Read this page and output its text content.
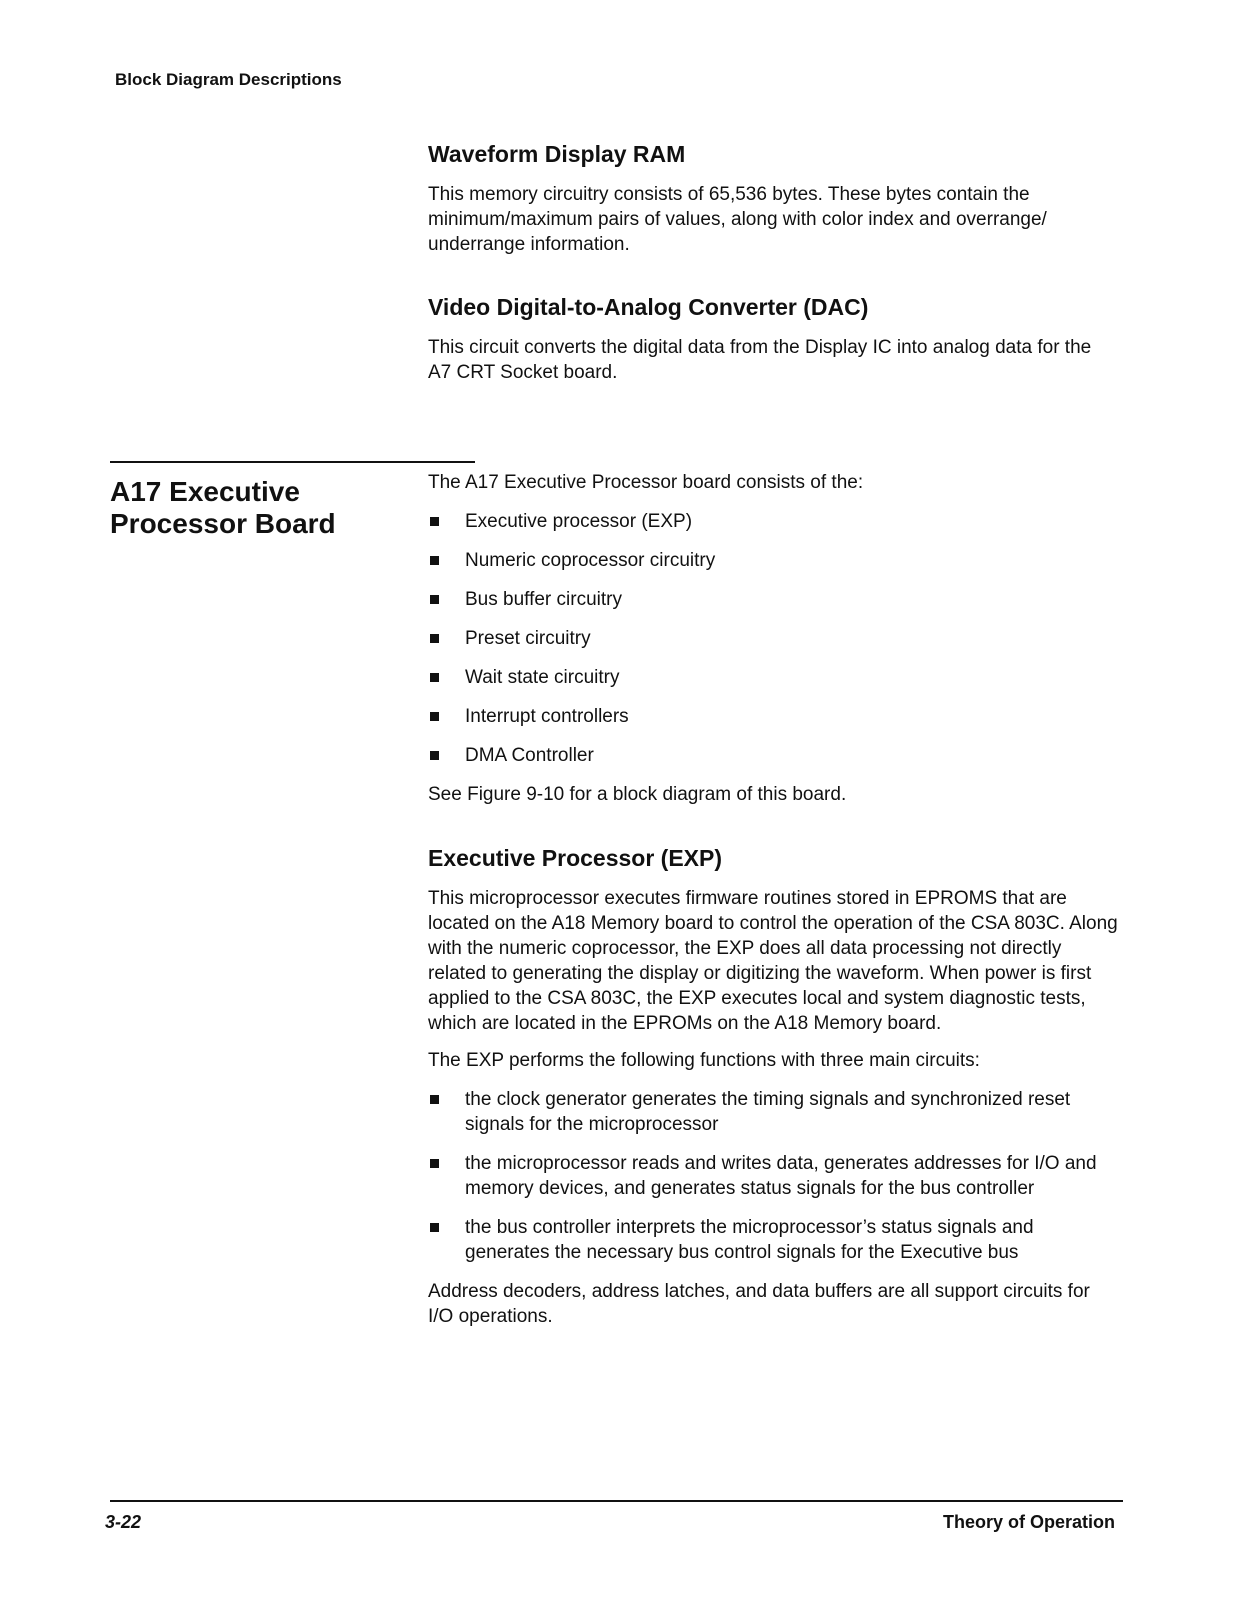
Block Diagram Descriptions
Waveform Display RAM

This memory circuitry consists of 65,536 bytes. These bytes contain the minimum/maximum pairs of values, along with color index and overrange/ underrange information.

Video Digital-to-Analog Converter (DAC)

This circuit converts the digital data from the Display IC into analog data for the A7 CRT Socket board.

A17 Executive
Processor Board

The A17 Executive Processor board consists of the:

Executive processor (EXP)
Numeric coprocessor circuitry
Bus buffer circuitry
Preset circuitry
Wait state circuitry
Interrupt controllers
DMA Controller

See Figure 9-10 for a block diagram of this board.

Executive Processor (EXP)

This microprocessor executes firmware routines stored in EPROMS that are located on the A18 Memory board to control the operation of the CSA 803C. Along with the numeric coprocessor, the EXP does all data processing not directly related to generating the display or digitizing the waveform. When power is first applied to the CSA 803C, the EXP executes local and system diagnostic tests, which are located in the EPROMs on the A18 Memory board.

The EXP performs the following functions with three main circuits:

the clock generator generates the timing signals and synchronized reset signals for the microprocessor
the microprocessor reads and writes data, generates addresses for I/O and memory devices, and generates status signals for the bus controller
the bus controller interprets the microprocessor’s status signals and generates the necessary bus control signals for the Executive bus

Address decoders, address latches, and data buffers are all support circuits for I/O operations.

3-22	Theory of Operation
